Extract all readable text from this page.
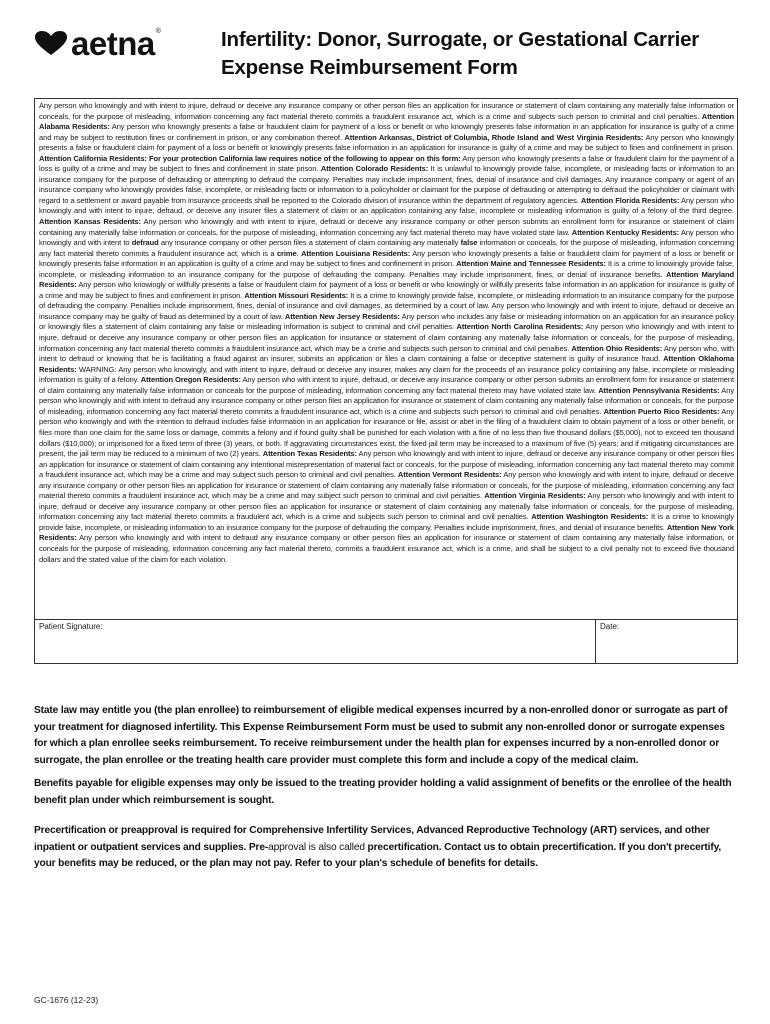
aetna ®	Infertility: Donor, Surrogate, or Gestational Carrier Expense Reimbursement Form
Any person who knowingly and with intent to injure, defraud or deceive any insurance company or other person files an application for insurance or statement of claim containing any materially false information or conceals, for the purpose of misleading, information concerning any fact material thereto commits a fraudulent insurance act, which is a crime and subjects such person to criminal and civil penalties. Attention Alabama Residents: Any person who knowingly presents a false or fraudulent claim for payment of a loss or benefit or who knowingly presents false information in an application for insurance is guilty of a crime and may be subject to restitution fines or confinement in prison, or any combination thereof. Attention Arkansas, District of Columbia, Rhode Island and West Virginia Residents: Any person who knowingly presents a false or fraudulent claim for payment of a loss or benefit or knowingly presents false information in an application for insurance is guilty of a crime and may be subject to fines and confinement in prison. Attention California Residents: For your protection California law requires notice of the following to appear on this form: Any person who knowingly presents a false or fraudulent claim for the payment of a loss is guilty of a crime and may be subject to fines and confinement in state prison. Attention Colorado Residents: It is unlawful to knowingly provide false, incomplete, or misleading facts or information to an insurance company for the purpose of defrauding or attempting to defraud the company. Penalties may include imprisonment, fines, denial of insurance and civil damages. Any insurance company or agent of an insurance company who knowingly provides false, incomplete, or misleading facts or information to a policyholder or claimant for the purpose of defrauding or attempting to defraud the policyholder or claimant with regard to a settlement or award payable from insurance proceeds shall be reported to the Colorado division of insurance within the department of regulatory agencies. Attention Florida Residents: Any person who knowingly and with intent to injure, defraud, or deceive any insurer files a statement of claim or an application containing any false, incomplete or misleading information is guilty of a felony of the third degree. Attention Kansas Residents: Any person who knowingly and with intent to injure, defraud or deceive any insurance company or other person submits an enrollment form for insurance or statement of claim containing any materially false information or conceals, for the purpose of misleading, information concerning any fact material thereto may have violated state law. Attention Kentucky Residents: Any person who knowingly and with intent to defraud any insurance company or other person files a statement of claim containing any materially false information or conceals, for the purpose of misleading, information concerning any fact material thereto commits a fraudulent insurance act, which is a crime. Attention Louisiana Residents: Any person who knowingly presents a false or fraudulent claim for payment of a loss or benefit or knowingly presents false information in an application is guilty of a crime and may be subject to fines and confinement in prison. Attention Maine and Tennessee Residents: It is a crime to knowingly provide false, incomplete, or misleading information to an insurance company for the purpose of defrauding the company. Penalties may include imprisonment, fines, or denial of insurance benefits. Attention Maryland Residents: Any person who knowingly or willfully presents a false or fraudulent claim for payment of a loss or benefit or who knowingly or willfully presents false information in an application for insurance is guilty of a crime and may be subject to fines and confinement in prison. Attention Missouri Residents: It is a crime to knowingly provide false, incomplete, or misleading information to an insurance company for the purpose of defrauding the company. Penalties include imprisonment, fines, denial of insurance and civil damages, as determined by a court of law. Any person who knowingly and with intent to injure, defraud or deceive an insurance company may be guilty of fraud as determined by a court of law. Attention New Jersey Residents: Any person who includes any false or misleading information on an application for an insurance policy or knowingly files a statement of claim containing any false or misleading information is subject to criminal and civil penalties. Attention North Carolina Residents: Any person who knowingly and with intent to injure, defraud or deceive any insurance company or other person files an application for insurance or statement of claim containing any materially false information or conceals, for the purpose of misleading, information concerning any fact material thereto commits a fraudulent insurance act, which may be a crime and subjects such person to criminal and civil penalties. Attention Ohio Residents: Any person who, with intent to defraud or knowing that he is facilitating a fraud against an insurer, submits an application or files a claim containing a false or deceptive statement is guilty of insurance fraud. Attention Oklahoma Residents: WARNING: Any person who knowingly, and with intent to injure, defraud or deceive any insurer, makes any claim for the proceeds of an insurance policy containing any false, incomplete or misleading information is guilty of a felony. Attention Oregon Residents: Any person who with intent to injure, defraud, or deceive any insurance company or other person submits an enrollment form for insurance or statement of claim containing any materially false information or conceals for the purpose of misleading, information concerning any fact material thereto may have violated state law. Attention Pennsylvania Residents: Any person who knowingly and with intent to defraud any insurance company or other person files an application for insurance or statement of claim containing any materially false information or conceals, for the purpose of misleading, information concerning any fact material thereto commits a fraudulent insurance act, which is a crime and subjects such person to criminal and civil penalties. Attention Puerto Rico Residents: Any person who knowingly and with the intention to defraud includes false information in an application for insurance or file, assist or abet in the filing of a fraudulent claim to obtain payment of a loss or other benefit, or files more than one claim for the same loss or damage, commits a felony and if found guilty shall be punished for each violation with a fine of no less than five thousand dollars ($5,000), not to exceed ten thousand dollars ($10,000); or imprisoned for a fixed term of three (3) years, or both. If aggravating circumstances exist, the fixed jail term may be increased to a maximum of five (5) years; and if mitigating circumstances are present, the jail term may be reduced to a minimum of two (2) years. Attention Texas Residents: Any person who knowingly and with intent to injure, defraud or deceive any insurance company or other person files an application for insurance or statement of claim containing any intentional misrepresentation of material fact or conceals, for the purpose of misleading, information concerning any fact material thereto may commit a fraudulent insurance act, which may be a crime and may subject such person to criminal and civil penalties. Attention Vermont Residents: Any person who knowingly and with intent to injure, defraud or deceive any insurance company or other person files an application for insurance or statement of claim containing any materially false information or conceals, for the purpose of misleading, information concerning any fact material thereto commits a fraudulent insurance act, which may be a crime and may subject such person to criminal and civil penalties. Attention Virginia Residents: Any person who knowingly and with intent to injure, defraud or deceive any insurance company or other person files an application for insurance or statement of claim containing any materially false information or conceals, for the purpose of misleading, information concerning any fact material thereto commits a fraudulent act, which is a crime and subjects such person to criminal and civil penalties. Attention Washington Residents: It is a crime to knowingly provide false, incomplete, or misleading information to an insurance company for the purpose of defrauding the company. Penalties include imprisonment, fines, and denial of insurance benefits. Attention New York Residents: Any person who knowingly and with intent to defraud any insurance company or other person files an application for insurance or statement of claim containing any materially false information, or conceals for the purpose of misleading, information concerning any fact material thereto, commits a fraudulent insurance act, which is a crime, and shall be subject to a civil penalty not to exceed five thousand dollars and the stated value of the claim for each violation.
Patient Signature:	Date:
State law may entitle you (the plan enrollee) to reimbursement of eligible medical expenses incurred by a non-enrolled donor or surrogate as part of your treatment for diagnosed infertility. This Expense Reimbursement Form must be used to submit any non-enrolled donor or surrogate expenses for which a plan enrollee seeks reimbursement. To receive reimbursement under the health plan for expenses incurred by a non-enrolled donor or surrogate, the plan enrollee or the treating health care provider must complete this form and include a copy of the medical claim.
Benefits payable for eligible expenses may only be issued to the treating provider holding a valid assignment of benefits or the enrollee of the health benefit plan under which reimbursement is sought.
Precertification or preapproval is required for Comprehensive Infertility Services, Advanced Reproductive Technology (ART) services, and other inpatient or outpatient services and supplies. Pre-approval is also called precertification. Contact us to obtain precertification. If you don't precertify, your benefits may be reduced, or the plan may not pay. Refer to your plan's schedule of benefits for details.
GC-1676 (12-23)
